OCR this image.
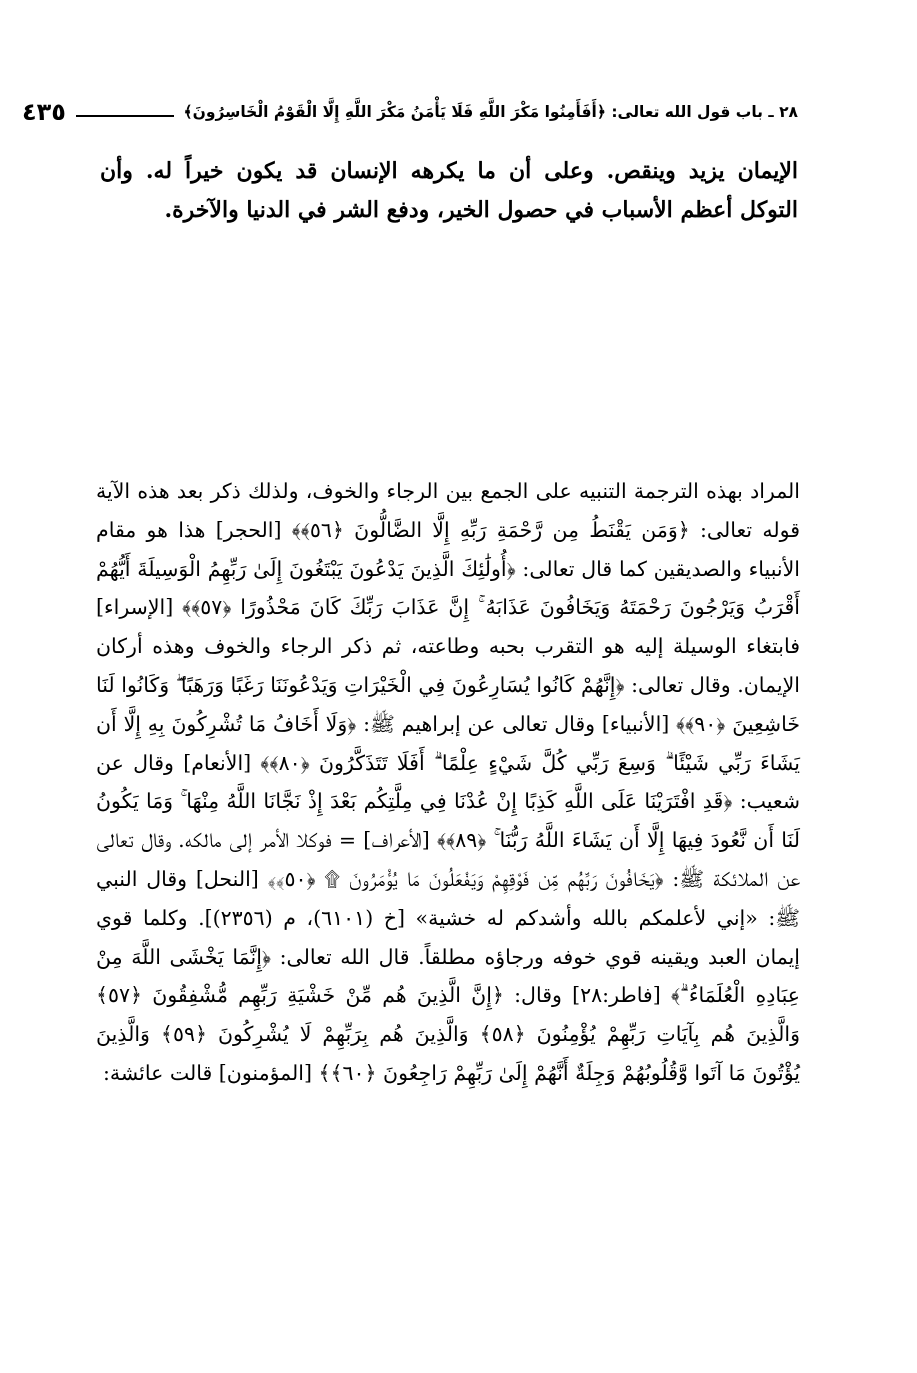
٢٨ ـ باب قول الله تعالى: ﴿أَفَأَمِنُوا مَكْرَ اللَّهِ فَلَا يَأْمَنُ مَكْرَ اللَّهِ إِلَّا الْقَوْمُ الْخَاسِرُونَ﴾
٤٣٥

الإيمان يزيد وينقص. وعلى أن ما يكرهه الإنسان قد يكون خيراً له. وأن التوكل أعظم الأسباب في حصول الخير، ودفع الشر في الدنيا والآخرة.

المراد بهذه الترجمة التنبيه على الجمع بين الرجاء والخوف، ولذلك ذكر بعد هذه الآية قوله تعالى: ﴿وَمَن يَقْنَطُ مِن رَّحْمَةِ رَبِّهِ إِلَّا الضَّالُّونَ ﴿٥٦﴾﴾ [الحجر] هذا هو مقام الأنبياء والصديقين كما قال تعالى: ﴿أُولَٰئِكَ الَّذِينَ يَدْعُونَ يَبْتَغُونَ إِلَىٰ رَبِّهِمُ الْوَسِيلَةَ أَيُّهُمْ أَقْرَبُ وَيَرْجُونَ رَحْمَتَهُ وَيَخَافُونَ عَذَابَهُ ۚ إِنَّ عَذَابَ رَبِّكَ كَانَ مَحْذُورًا ﴿٥٧﴾﴾ [الإسراء] فابتغاء الوسيلة إليه هو التقرب بحبه وطاعته، ثم ذكر الرجاء والخوف وهذه أركان الإيمان. وقال تعالى: ﴿إِنَّهُمْ كَانُوا يُسَارِعُونَ فِي الْخَيْرَاتِ وَيَدْعُونَنَا رَغَبًا وَرَهَبًا ۖ وَكَانُوا لَنَا خَاشِعِينَ ﴿٩٠﴾﴾ [الأنبياء] وقال تعالى عن إبراهيم ﷺ: ﴿وَلَا أَخَافُ مَا تُشْرِكُونَ بِهِ إِلَّا أَن يَشَاءَ رَبِّي شَيْئًا ۗ وَسِعَ رَبِّي كُلَّ شَيْءٍ عِلْمًا ۗ أَفَلَا تَتَذَكَّرُونَ ﴿٨٠﴾﴾ [الأنعام] وقال عن شعيب: ﴿قَدِ افْتَرَيْنَا عَلَى اللَّهِ كَذِبًا إِنْ عُدْنَا فِي مِلَّتِكُم بَعْدَ إِذْ نَجَّانَا اللَّهُ مِنْهَا ۚ وَمَا يَكُونُ لَنَا أَن نَّعُودَ فِيهَا إِلَّا أَن يَشَاءَ اللَّهُ رَبُّنَا ۚ ﴿٨٩﴾﴾ [الأعراف] = فوكلا الأمر إلى مالكه. وقال تعالى عن الملائكة ﷺ: ﴿يَخَافُونَ رَبَّهُم مِّن فَوْقِهِمْ وَيَفْعَلُونَ مَا يُؤْمَرُونَ ۩ ﴿٥٠﴾﴾ [النحل] وقال النبي ﷺ: «إني لأعلمكم بالله وأشدكم له خشية» [خ (٦١٠١)، م (٢٣٥٦)]. وكلما قوي إيمان العبد ويقينه قوي خوفه ورجاؤه مطلقاً. قال الله تعالى: ﴿إِنَّمَا يَخْشَى اللَّهَ مِنْ عِبَادِهِ الْعُلَمَاءُ ۗ﴾ [فاطر:٢٨] وقال: ﴿إِنَّ الَّذِينَ هُم مِّنْ خَشْيَةِ رَبِّهِم مُّشْفِقُونَ ﴿٥٧﴾ وَالَّذِينَ هُم بِآيَاتِ رَبِّهِمْ يُؤْمِنُونَ ﴿٥٨﴾ وَالَّذِينَ هُم بِرَبِّهِمْ لَا يُشْرِكُونَ ﴿٥٩﴾ وَالَّذِينَ يُؤْتُونَ مَا آتَوا وَّقُلُوبُهُمْ وَجِلَةٌ أَنَّهُمْ إِلَىٰ رَبِّهِمْ رَاجِعُونَ ﴿٦٠﴾﴾ [المؤمنون] قالت عائشة:
